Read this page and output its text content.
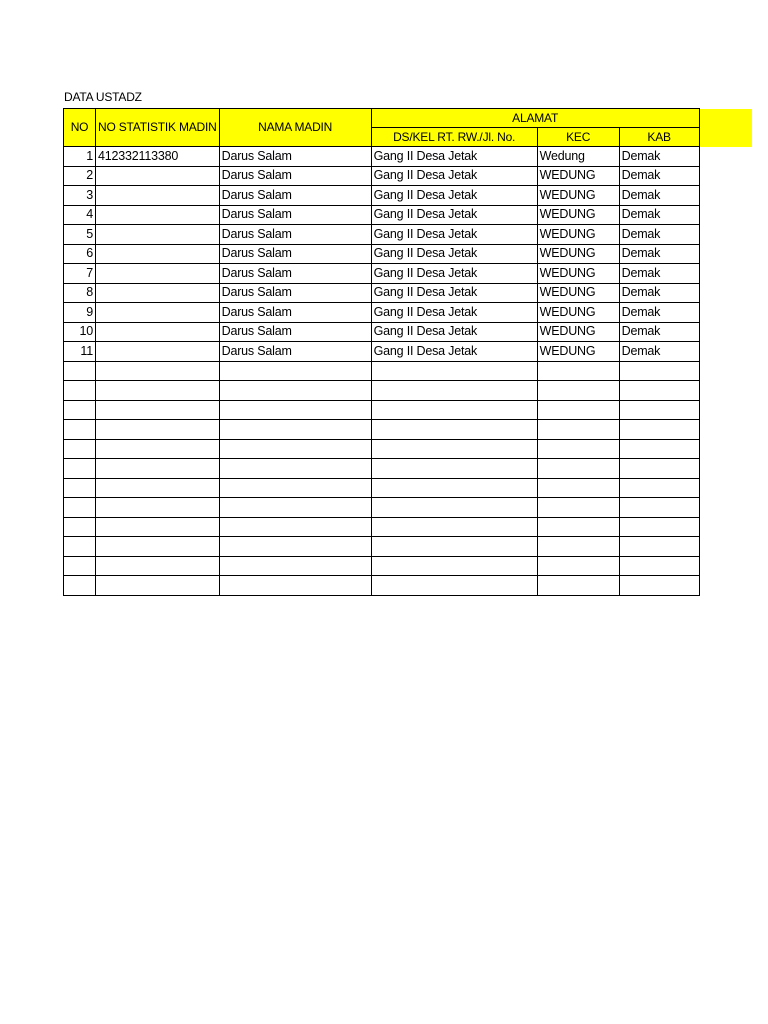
DATA USTADZ
NO	NO STATISTIK MADIN	NAMA MADIN	ALAMAT		
			DS/KEL RT. RW./Jl. No.	KEC	KAB
1	412332113380	Darus Salam	Gang II Desa Jetak	Wedung	Demak
2		Darus Salam	Gang II Desa Jetak	WEDUNG	Demak
3		Darus Salam	Gang II Desa Jetak	WEDUNG	Demak
4		Darus Salam	Gang II Desa Jetak	WEDUNG	Demak
5		Darus Salam	Gang II Desa Jetak	WEDUNG	Demak
6		Darus Salam	Gang II Desa Jetak	WEDUNG	Demak
7		Darus Salam	Gang II Desa Jetak	WEDUNG	Demak
8		Darus Salam	Gang II Desa Jetak	WEDUNG	Demak
9		Darus Salam	Gang II Desa Jetak	WEDUNG	Demak
10		Darus Salam	Gang II Desa Jetak	WEDUNG	Demak
11		Darus Salam	Gang II Desa Jetak	WEDUNG	Demak
